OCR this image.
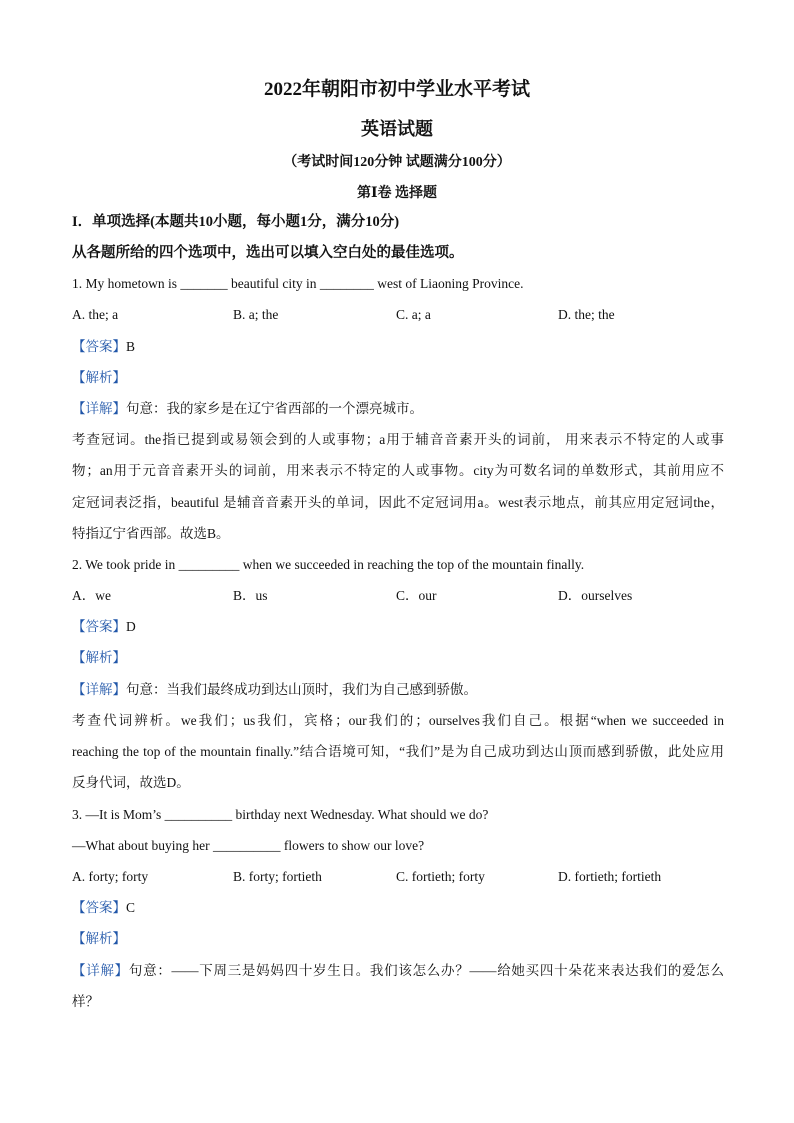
2022年朝阳市初中学业水平考试
英语试题
（考试时间120分钟 试题满分100分）
第Ⅰ卷 选择题
I．单项选择(本题共10小题，每小题1分，满分10分)
从各题所给的四个选项中，选出可以填入空白处的最佳选项。
1. My hometown is _______ beautiful city in ________ west of Liaoning Province.
A. the; a	B. a; the	C. a; a	D. the; the
【答案】B
【解析】
【详解】句意：我的家乡是在辽宁省西部的一个漂亮城市。
考查冠词。the指已提到或易领会到的人或事物；a用于辅音音素开头的词前， 用来表示不特定的人或事
物；an用于元音音素开头的词前，用来表示不特定的人或事物。city为可数名词的单数形式，其前用应不
定冠词表泛指，beautiful 是辅音音素开头的单词，因此不定冠词用a。west表示地点，前其应用定冠词the，
特指辽宁省西部。故选B。
2. We took pride in _________ when we succeeded in reaching the top of the mountain finally.
A．we	B．us	C．our	D．ourselves
【答案】D
【解析】
【详解】句意：当我们最终成功到达山顶时，我们为自己感到骄傲。
考查代词辨析。we我们；us我们，宾格；our我们的；ourselves我们自己。根据“when we succeeded in
reaching the top of the mountain finally.”结合语境可知，“我们”是为自己成功到达山顶而感到骄傲，此处应用
反身代词，故选D。
3. —It is Mom’s __________ birthday next Wednesday. What should we do?
—What about buying her __________ flowers to show our love?
A. forty; forty	B. forty; fortieth	C. fortieth; forty	D. fortieth; fortieth
【答案】C
【解析】
【详解】句意：——下周三是妈妈四十岁生日。我们该怎么办？——给她买四十朵花来表达我们的爱怎么
样？
